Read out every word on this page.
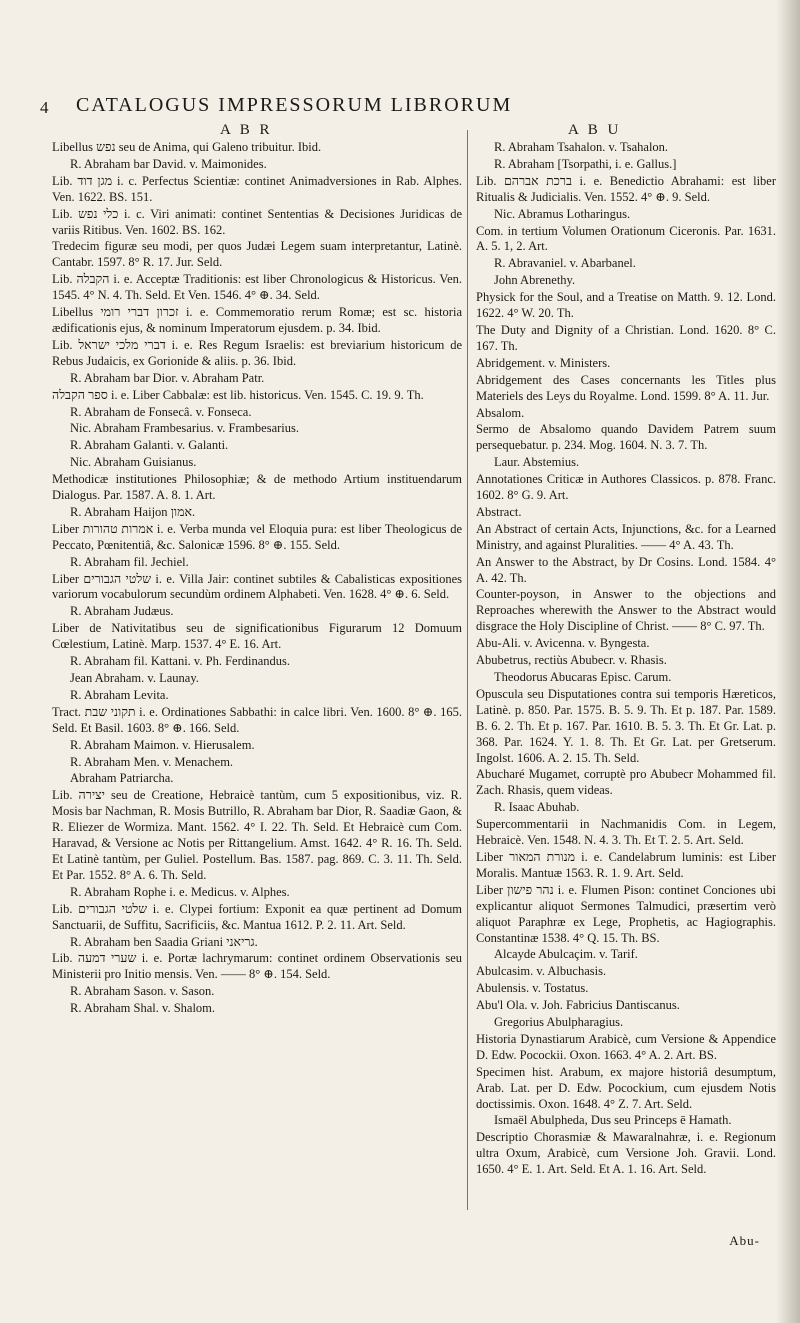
4 CATALOGUS IMPRESSORUM LIBRORUM
A B R	A B U

Libellus נפש seu de Anima, qui Galeno tribuitur. Ibid.

R. Abraham bar David. v. Maimonides.

Lib. מגן דוד i. c. Perfectus Scientiæ: continet Animadversiones in Rab. Alphes. Ven. 1622. BS. 151.

Lib. כלי נפש i. c. Viri animati: continet Sententias & Decisiones Juridicas de variis Ritibus. Ven. 1602. BS. 162.

Tredecim figuræ seu modi, per quos Judæi Legem suam interpretantur, Latinè. Cantabr. 1597. 8° R. 17. Jur. Seld.

Lib. הקבלה i. e. Acceptæ Traditionis: est liber Chronologicus & Historicus. Ven. 1545. 4° N. 4. Th. Seld. Et Ven. 1546. 4° ⊕. 34. Seld.

Libellus זכרון דברי רומי i. e. Commemoratio rerum Romæ; est sc. historia ædificationis ejus, & nominum Imperatorum ejusdem. p. 34. Ibid.

Lib. דברי מלכי ישראל i. e. Res Regum Israelis: est breviarium historicum de Rebus Judaicis, ex Gorionide & aliis. p. 36. Ibid.

R. Abraham bar Dior. v. Abraham Patr.

ספר הקבלה i. e. Liber Cabbalæ: est lib. historicus. Ven. 1545. C. 19. 9. Th.

R. Abraham de Fonsecâ. v. Fonseca.

Nic. Abraham Frambesarius. v. Frambesarius.

R. Abraham Galanti. v. Galanti.

Nic. Abraham Guisianus.

Methodicæ institutiones Philosophiæ; & de methodo Artium instituendarum Dialogus. Par. 1587. A. 8. 1. Art.

R. Abraham Haijon אמון.

Liber אמרות טהורות i. e. Verba munda vel Eloquia pura: est liber Theologicus de Peccato, Pœnitentiâ, &c. Salonicæ 1596. 8° ⊕. 155. Seld.

R. Abraham fil. Jechiel.

Liber שלטי הגבורים i. e. Villa Jair: continet subtiles & Cabalisticas expositiones variorum vocabulorum secundùm ordinem Alphabeti. Ven. 1628. 4° ⊕. 6. Seld.

R. Abraham Judæus.

Liber de Nativitatibus seu de significationibus Figurarum 12 Domuum Cœlestium, Latinè. Marp. 1537. 4° E. 16. Art.

R. Abraham fil. Kattani. v. Ph. Ferdinandus.

Jean Abraham. v. Launay.

R. Abraham Levita.

Tract. תקוני שבת i. e. Ordinationes Sabbathi: in calce libri. Ven. 1600. 8° ⊕. 165. Seld. Et Basil. 1603. 8° ⊕. 166. Seld.

R. Abraham Maimon. v. Hierusalem.

R. Abraham Men. v. Menachem.

Abraham Patriarcha.

Lib. יצירה seu de Creatione, Hebraicè tantùm, cum 5 expositionibus, viz. R. Mosis bar Nachman, R. Mosis Butrillo, R. Abraham bar Dior, R. Saadiæ Gaon, & R. Eliezer de Wormiza. Mant. 1562. 4° I. 22. Th. Seld. Et Hebraicè cum Com. Haravad, & Versione ac Notis per Rittangelium. Amst. 1642. 4° R. 16. Th. Seld. Et Latinè tantùm, per Guliel. Postellum. Bas. 1587. pag. 869. C. 3. 11. Th. Seld. Et Par. 1552. 8° A. 6. Th. Seld.

R. Abraham Rophe i. e. Medicus. v. Alphes.

Lib. שלטי הגבורים i. e. Clypei fortium: Exponit ea quæ pertinent ad Domum Sanctuarii, de Suffitu, Sacrificiis, &c. Mantua 1612. P. 2. 11. Art. Seld.

R. Abraham ben Saadia Griani גריאני.

Lib. שערי דמעה i. e. Portæ lachrymarum: continet ordinem Observationis seu Ministerii pro Initio mensis. Ven. —— 8° ⊕. 154. Seld.

R. Abraham Sason. v. Sason.

R. Abraham Shal. v. Shalom.

R. Abraham Tsahalon. v. Tsahalon.

R. Abraham [Tsorpathi, i. e. Gallus.]

Lib. ברכת אברהם i. e. Benedictio Abrahami: est liber Ritualis & Judicialis. Ven. 1552. 4° ⊕. 9. Seld.

Nic. Abramus Lotharingus.

Com. in tertium Volumen Orationum Ciceronis. Par. 1631. A. 5. 1, 2. Art.

R. Abravaniel. v. Abarbanel.

John Abrenethy.

Physick for the Soul, and a Treatise on Matth. 9. 12. Lond. 1622. 4° W. 20. Th.

The Duty and Dignity of a Christian. Lond. 1620. 8° C. 167. Th.

Abridgement. v. Ministers.

Abridgement des Cases concernants les Titles plus Materiels des Leys du Royalme. Lond. 1599. 8° A. 11. Jur.

Absalom.

Sermo de Absalomo quando Davidem Patrem suum persequebatur. p. 234. Mog. 1604. N. 3. 7. Th.

Laur. Abstemius.

Annotationes Criticæ in Authores Classicos. p. 878. Franc. 1602. 8° G. 9. Art.

Abstract.

An Abstract of certain Acts, Injunctions, &c. for a Learned Ministry, and against Pluralities. —— 4° A. 43. Th.

An Answer to the Abstract, by Dr Cosins. Lond. 1584. 4° A. 42. Th.

Counter-poyson, in Answer to the objections and Reproaches wherewith the Answer to the Abstract would disgrace the Holy Discipline of Christ. —— 8° C. 97. Th.

Abu-Ali. v. Avicenna. v. Byngesta.

Abubetrus, rectiùs Abubecr. v. Rhasis.

Theodorus Abucaras Episc. Carum.

Opuscula seu Disputationes contra sui temporis Hæreticos, Latinè. p. 850. Par. 1575. B. 5. 9. Th. Et p. 187. Par. 1589. B. 6. 2. Th. Et p. 167. Par. 1610. B. 5. 3. Th. Et Gr. Lat. p. 368. Par. 1624. Y. 1. 8. Th. Et Gr. Lat. per Gretserum. Ingolst. 1606. A. 2. 15. Th. Seld.

Abucharé Mugamet, corruptè pro Abubecr Mohammed fil. Zach. Rhasis, quem videas.

R. Isaac Abuhab.

Supercommentarii in Nachmanidis Com. in Legem, Hebraicè. Ven. 1548. N. 4. 3. Th. Et T. 2. 5. Art. Seld.

Liber מנורת המאור i. e. Candelabrum luminis: est Liber Moralis. Mantuæ 1563. R. 1. 9. Art. Seld.

Liber נהר פישון i. e. Flumen Pison: continet Conciones ubi explicantur aliquot Sermones Talmudici, præsertim verò aliquot Paraphræ ex Lege, Prophetis, ac Hagiographis. Constantinæ 1538. 4° Q. 15. Th. BS.

Alcayde Abulcaçim. v. Tarif.

Abulcasim. v. Albuchasis.

Abulensis. v. Tostatus.

Abu'l Ola. v. Joh. Fabricius Dantiscanus.

Gregorius Abulpharagius.

Historia Dynastiarum Arabicè, cum Versione & Appendice D. Edw. Pocockii. Oxon. 1663. 4° A. 2. Art. BS.

Specimen hist. Arabum, ex majore historiâ desumptum, Arab. Lat. per D. Edw. Pocockium, cum ejusdem Notis doctissimis. Oxon. 1648. 4° Z. 7. Art. Seld.

Ismaël Abulpheda, Dus seu Princeps ē Hamath.

Descriptio Chorasmiæ & Mawaralnahræ, i. e. Regionum ultra Oxum, Arabicè, cum Versione Joh. Gravii. Lond. 1650. 4° E. 1. Art. Seld. Et A. 1. 16. Art. Seld.

Abu-
